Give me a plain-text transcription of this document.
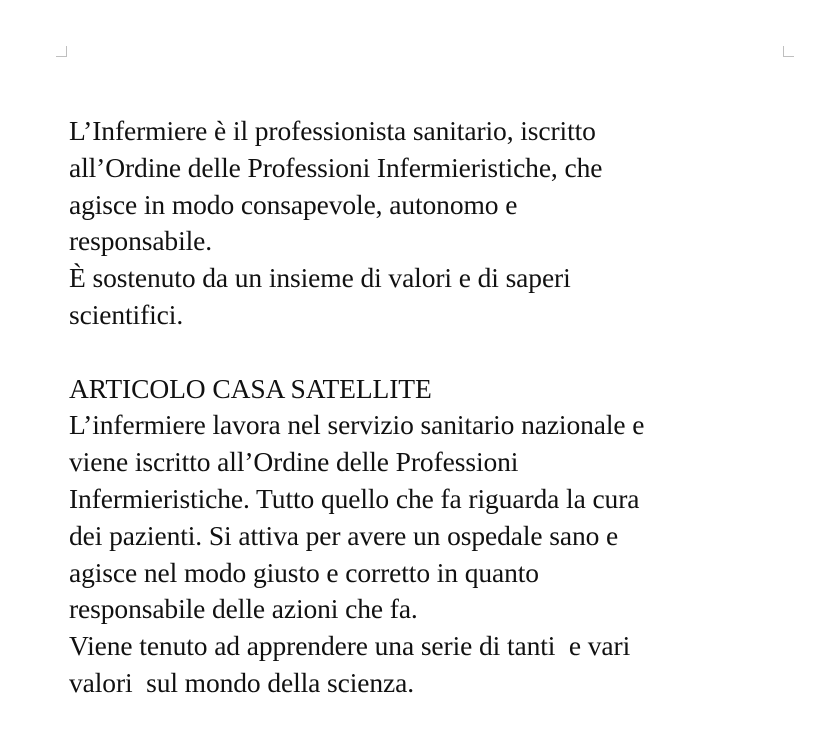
L’Infermiere è il professionista sanitario, iscritto
all’Ordine delle Professioni Infermieristiche, che
agisce in modo consapevole, autonomo e
responsabile.
È sostenuto da un insieme di valori e di saperi
scientifici.
ARTICOLO CASA SATELLITE
L’infermiere lavora nel servizio sanitario nazionale e
viene iscritto all’Ordine delle Professioni
Infermieristiche. Tutto quello che fa riguarda la cura
dei pazienti. Si attiva per avere un ospedale sano e
agisce nel modo giusto e corretto in quanto
responsabile delle azioni che fa.
Viene tenuto ad apprendere una serie di tanti  e vari
valori  sul mondo della scienza.
